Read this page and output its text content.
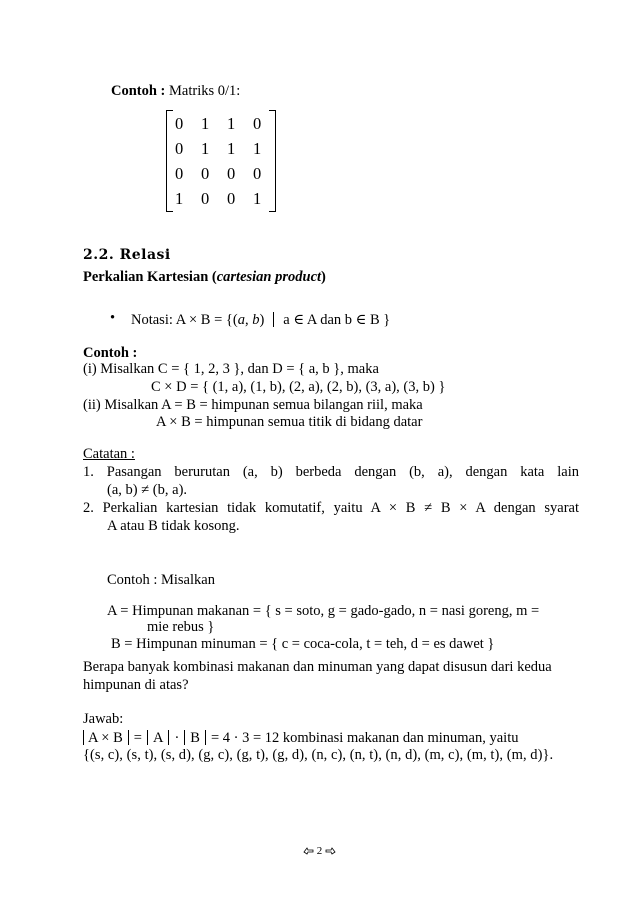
Contoh : Matriks 0/1:
0 1 1 0
0 1 1 1
0 0 0 0
1 0 0 1
2.2. Relasi
Perkalian Kartesian (cartesian product)
• Notasi: A × B = {(a, b) a ∈ A dan b ∈ B }
Contoh :
(i) Misalkan C = { 1, 2, 3 }, dan D = { a, b }, maka
C × D = { (1, a), (1, b), (2, a), (2, b), (3, a), (3, b) }
(ii) Misalkan A = B = himpunan semua bilangan riil, maka
A × B = himpunan semua titik di bidang datar
Catatan :
1. Pasangan berurutan (a, b) berbeda dengan (b, a), dengan kata lain
(a, b) ≠ (b, a).
2. Perkalian kartesian tidak komutatif, yaitu A × B ≠ B × A dengan syarat
A atau B tidak kosong.
Contoh : Misalkan
A = Himpunan makanan = { s = soto, g = gado-gado, n = nasi goreng, m =
mie rebus }
B = Himpunan minuman = { c = coca-cola, t = teh, d = es dawet }
Berapa banyak kombinasi makanan dan minuman yang dapat disusun dari kedua
himpunan di atas?
Jawab:
A × B = A · B = 4 · 3 = 12 kombinasi makanan dan minuman, yaitu
{(s, c), (s, t), (s, d), (g, c), (g, t), (g, d), (n, c), (n, t), (n, d), (m, c), (m, t), (m, d)}.
2
